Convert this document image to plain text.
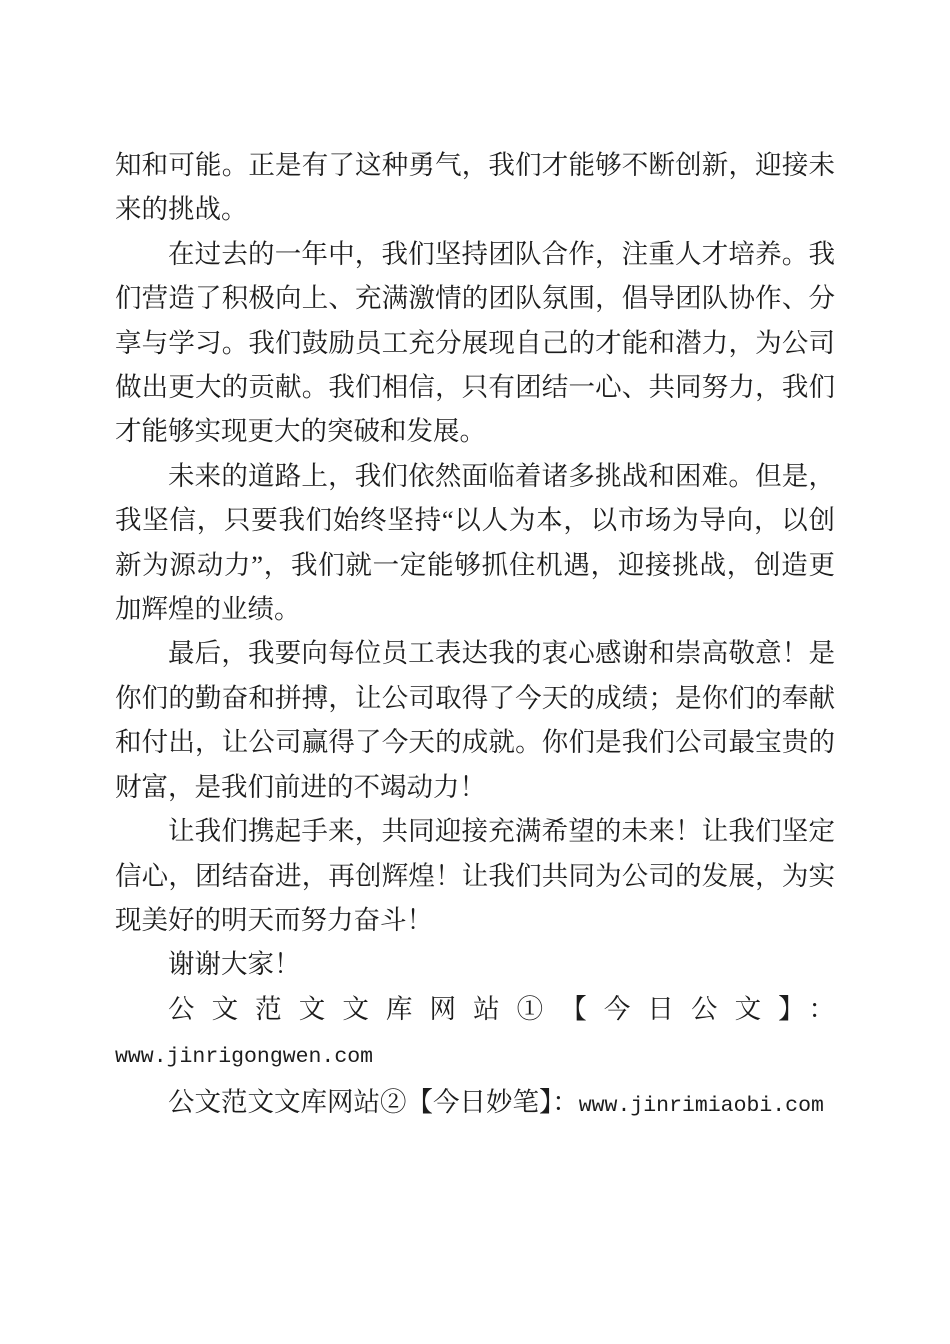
知和可能。正是有了这种勇气，我们才能够不断创新，迎接未来的挑战。

在过去的一年中，我们坚持团队合作，注重人才培养。我们营造了积极向上、充满激情的团队氛围，倡导团队协作、分享与学习。我们鼓励员工充分展现自己的才能和潜力，为公司做出更大的贡献。我们相信，只有团结一心、共同努力，我们才能够实现更大的突破和发展。

未来的道路上，我们依然面临着诸多挑战和困难。但是，我坚信，只要我们始终坚持“以人为本，以市场为导向，以创新为源动力”，我们就一定能够抓住机遇，迎接挑战，创造更加辉煌的业绩。

最后，我要向每位员工表达我的衷心感谢和崇高敬意！是你们的勤奋和拼搏，让公司取得了今天的成绩；是你们的奉献和付出，让公司赢得了今天的成就。你们是我们公司最宝贵的财富，是我们前进的不竭动力！

让我们携起手来，共同迎接充满希望的未来！让我们坚定信心，团结奋进，再创辉煌！让我们共同为公司的发展，为实现美好的明天而努力奋斗！

谢谢大家！

公文范文文库网站①【今日公文】：www.jinrigongwen.com

公文范文文库网站②【今日妙笔】：www.jinrimiaobi.com
